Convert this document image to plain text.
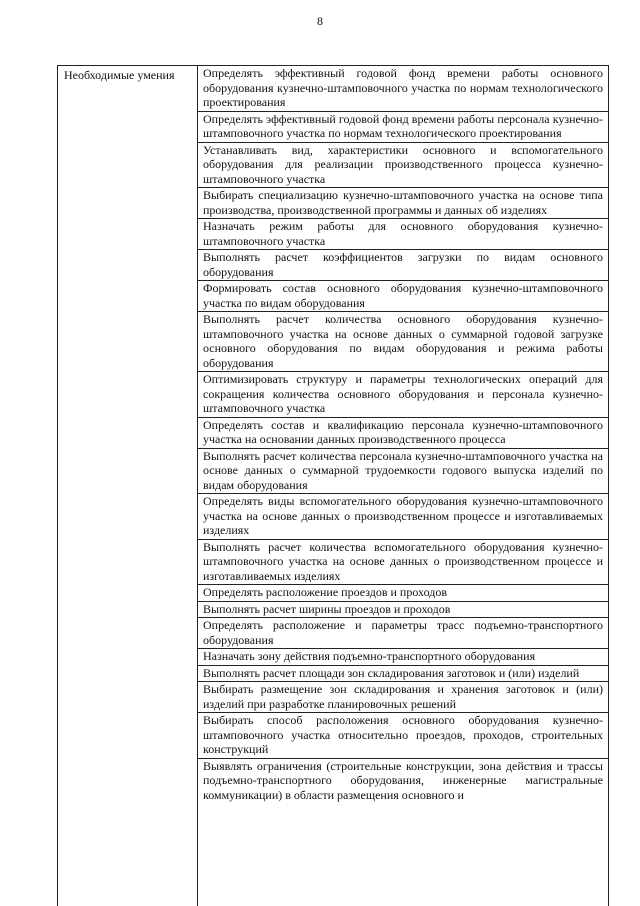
8
Необходимые умения	Определять эффективный годовой фонд времени работы основного оборудования кузнечно-штамповочного участка по нормам технологического проектирования
Определять эффективный годовой фонд времени работы персонала кузнечно-штамповочного участка по нормам технологического проектирования
Устанавливать вид, характеристики основного и вспомогательного оборудования для реализации производственного процесса кузнечно-штамповочного участка
Выбирать специализацию кузнечно-штамповочного участка на основе типа производства, производственной программы и данных об изделиях
Назначать режим работы для основного оборудования кузнечно-штамповочного участка
Выполнять расчет коэффициентов загрузки по видам основного оборудования
Формировать состав основного оборудования кузнечно-штамповочного участка по видам оборудования
Выполнять расчет количества основного оборудования кузнечно-штамповочного участка на основе данных о суммарной годовой загрузке основного оборудования по видам оборудования и режима работы оборудования
Оптимизировать структуру и параметры технологических операций для сокращения количества основного оборудования и персонала кузнечно-штамповочного участка
Определять состав и квалификацию персонала кузнечно-штамповочного участка на основании данных производственного процесса
Выполнять расчет количества персонала кузнечно-штамповочного участка на основе данных о суммарной трудоемкости годового выпуска изделий по видам оборудования
Определять виды вспомогательного оборудования кузнечно-штамповочного участка на основе данных о производственном процессе и изготавливаемых изделиях
Выполнять расчет количества вспомогательного оборудования кузнечно-штамповочного участка на основе данных о производственном процессе и изготавливаемых изделиях
Определять расположение проездов и проходов
Выполнять расчет ширины проездов и проходов
Определять расположение и параметры трасс подъемно-транспортного оборудования
Назначать зону действия подъемно-транспортного оборудования
Выполнять расчет площади зон складирования заготовок и (или) изделий
Выбирать размещение зон складирования и хранения заготовок и (или) изделий при разработке планировочных решений
Выбирать способ расположения основного оборудования кузнечно-штамповочного участка относительно проездов, проходов, строительных конструкций
Выявлять ограничения (строительные конструкции, зона действия и трассы подъемно-транспортного оборудования, инженерные магистральные коммуникации) в области размещения основного и
